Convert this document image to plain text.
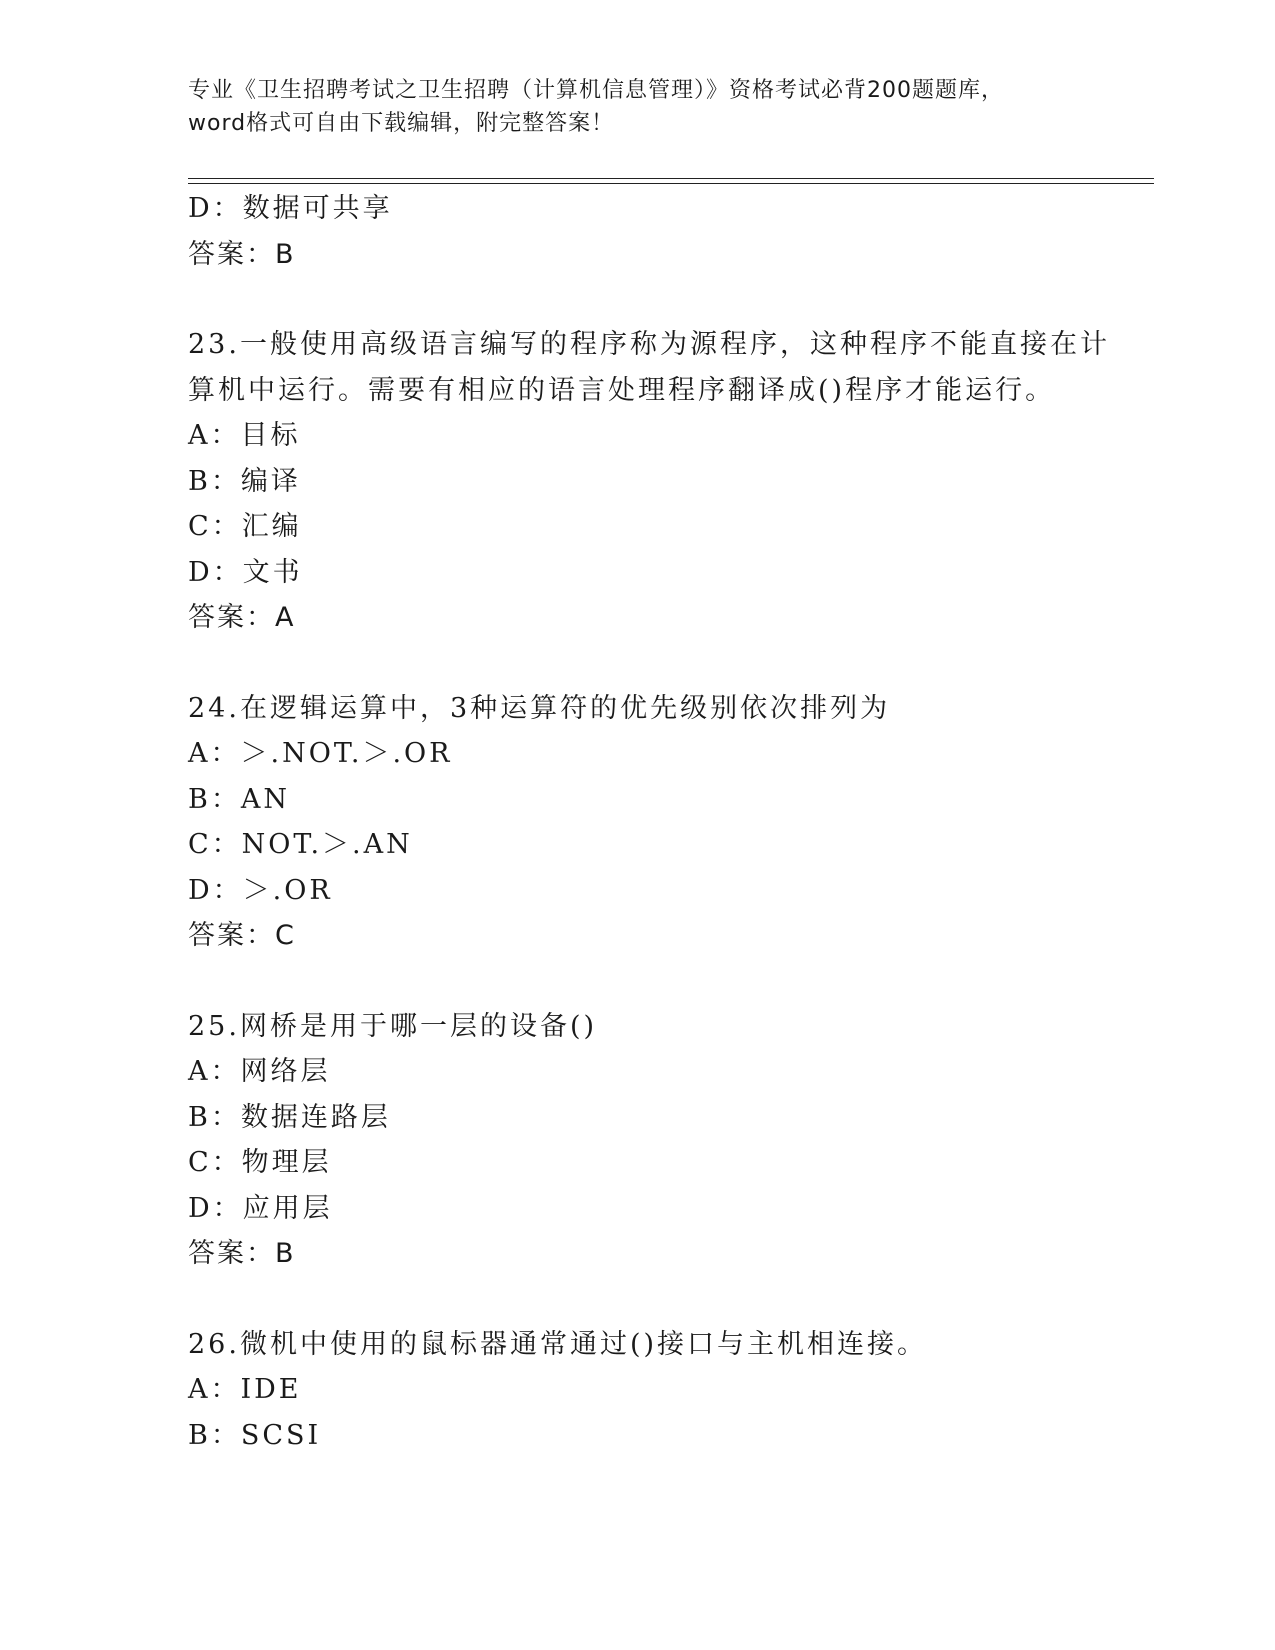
专业《卫生招聘考试之卫生招聘（计算机信息管理）》资格考试必背200题题库，
word格式可自由下载编辑，附完整答案！
D：数据可共享
答案：B
23.一般使用高级语言编写的程序称为源程序，这种程序不能直接在计
算机中运行。需要有相应的语言处理程序翻译成()程序才能运行。
A：目标
B：编译
C：汇编
D：文书
答案：A
24.在逻辑运算中，3种运算符的优先级别依次排列为
A：＞.NOT.＞.OR
B：AN
C：NOT.＞.AN
D：＞.OR
答案：C
25.网桥是用于哪一层的设备()
A：网络层
B：数据连路层
C：物理层
D：应用层
答案：B
26.微机中使用的鼠标器通常通过()接口与主机相连接。
A：IDE
B：SCSI
